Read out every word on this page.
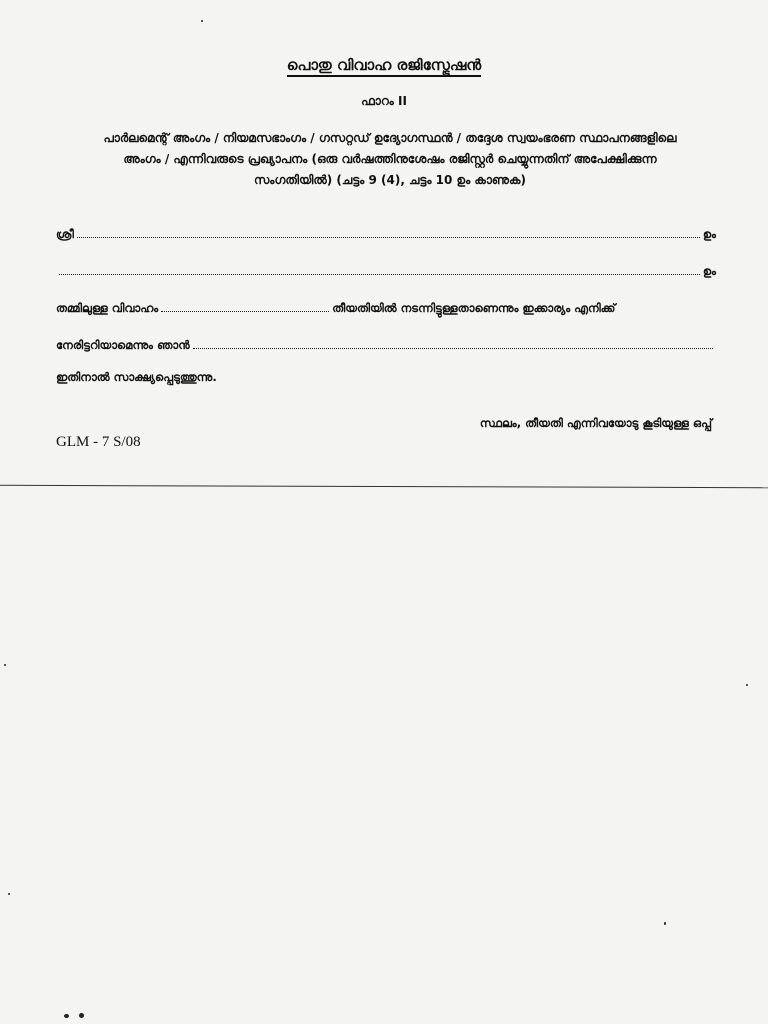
പൊതു വിവാഹ രജിസ്ട്രേഷൻ
ഫാറം II
പാർലമെന്റ് അംഗം / നിയമസഭാംഗം / ഗസറ്റഡ് ഉദ്യോഗസ്ഥൻ / തദ്ദേശ സ്വയംഭരണ സ്ഥാപനങ്ങളിലെ
അംഗം / എന്നിവരുടെ പ്രഖ്യാപനം (ഒരു വർഷത്തിനുശേഷം രജിസ്റ്റർ ചെയ്യുന്നതിന് അപേക്ഷിക്കുന്ന
സംഗതിയിൽ) (ചട്ടം 9 (4), ചട്ടം 10 ഉം കാണുക)
ശ്രീ	ഉം
ഉം
തമ്മിലുള്ള വിവാഹം	തീയതിയിൽ നടന്നിട്ടുള്ളതാണെന്നും ഇക്കാര്യം എനിക്ക്
നേരിട്ടറിയാമെന്നും ഞാൻ
ഇതിനാൽ സാക്ഷ്യപ്പെടുത്തുന്നു.
സ്ഥലം, തീയതി എന്നിവയോടു കൂടിയുള്ള ഒപ്പ്
GLM - 7 S/08
